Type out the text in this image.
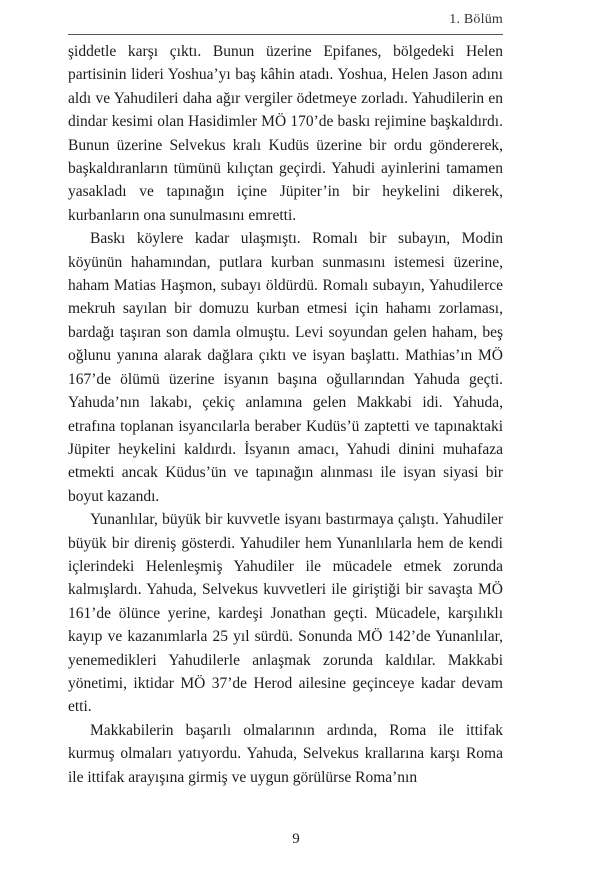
1. Bölüm

şiddetle karşı çıktı. Bunun üzerine Epifanes, bölgedeki Helen partisinin lideri Yoshua’yı baş kâhin atadı. Yoshua, Helen Jason adını aldı ve Yahudileri daha ağır vergiler ödetmeye zorladı. Yahudilerin en dindar kesimi olan Hasidimler MÖ 170’de baskı rejimine başkaldırdı. Bunun üzerine Selvekus kralı Kudüs üzerine bir ordu göndererek, başkaldıranların tümünü kılıçtan geçirdi. Yahudi ayinlerini tamamen yasakladı ve tapınağın içine Jüpiter’in bir heykelini dikerek, kurbanların ona sunulmasını emretti.

Baskı köylere kadar ulaşmıştı. Romalı bir subayın, Modin köyünün hahamından, putlara kurban sunmasını istemesi üzerine, haham Matias Haşmon, subayı öldürdü. Romalı subayın, Yahudilerce mekruh sayılan bir domuzu kurban etmesi için hahamı zorlaması, bardağı taşıran son damla olmuştu. Levi soyundan gelen haham, beş oğlunu yanına alarak dağlara çıktı ve isyan başlattı. Mathias’ın MÖ 167’de ölümü üzerine isyanın başına oğullarından Yahuda geçti. Yahuda’nın lakabı, çekiç anlamına gelen Makkabi idi. Yahuda, etrafına toplanan isyancılarla beraber Kudüs’ü zaptetti ve tapınaktaki Jüpiter heykelini kaldırdı. İsyanın amacı, Yahudi dinini muhafaza etmekti ancak Küdus’ün ve tapınağın alınması ile isyan siyasi bir boyut kazandı.

Yunanlılar, büyük bir kuvvetle isyanı bastırmaya çalıştı. Yahudiler büyük bir direniş gösterdi. Yahudiler hem Yunanlılarla hem de kendi içlerindeki Helenleşmiş Yahudiler ile mücadele etmek zorunda kalmışlardı. Yahuda, Selvekus kuvvetleri ile giriştiği bir savaşta MÖ 161’de ölünce yerine, kardeşi Jonathan geçti. Mücadele, karşılıklı kayıp ve kazanımlarla 25 yıl sürdü. Sonunda MÖ 142’de Yunanlılar, yenemedikleri Yahudilerle anlaşmak zorunda kaldılar. Makkabi yönetimi, iktidar MÖ 37’de Herod ailesine geçinceye kadar devam etti.

Makkabilerin başarılı olmalarının ardında, Roma ile ittifak kurmuş olmaları yatıyordu. Yahuda, Selvekus krallarına karşı Roma ile ittifak arayışına girmiş ve uygun görülürse Roma’nın

9
